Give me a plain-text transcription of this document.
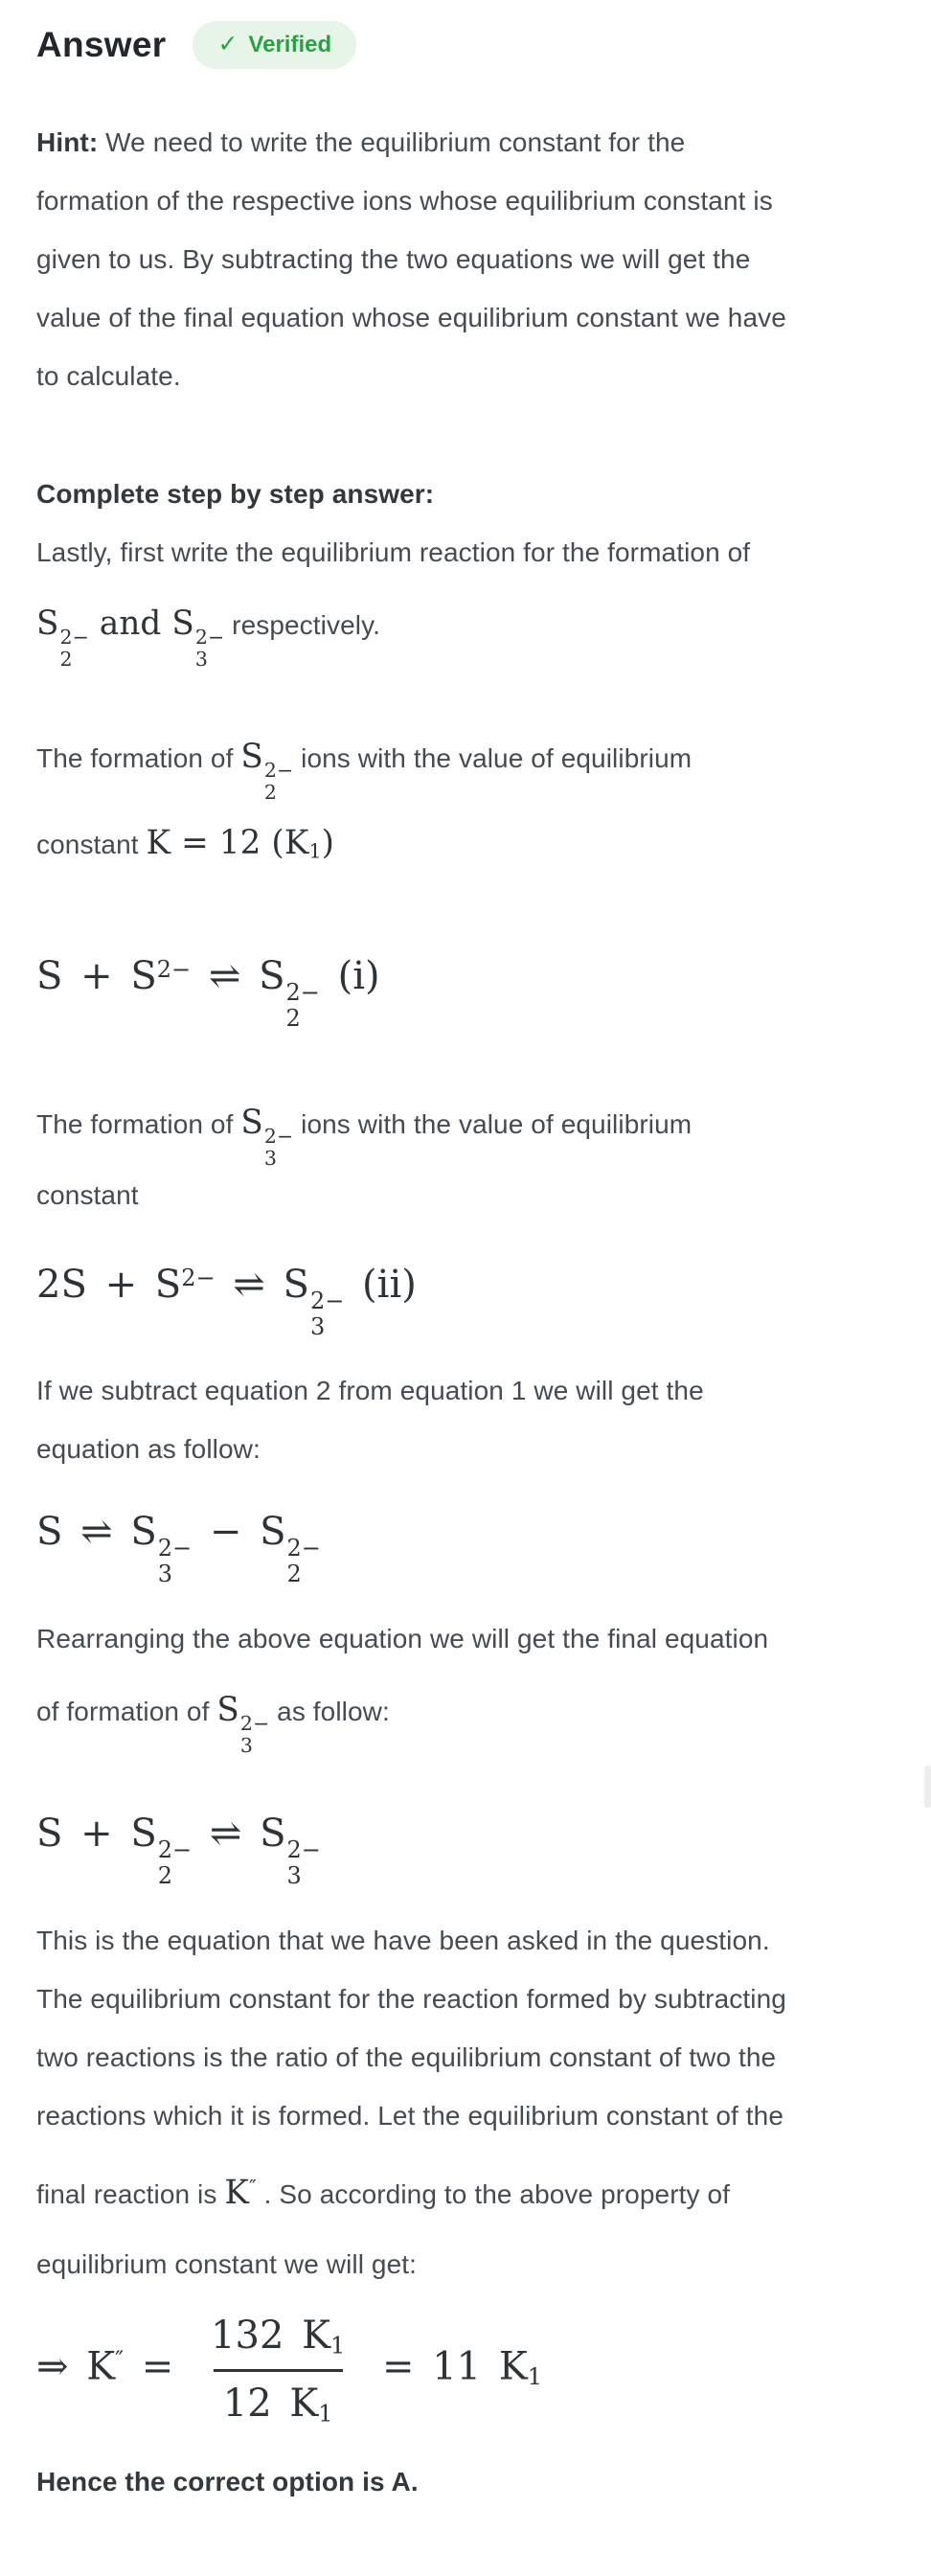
Answer ✓ Verified

Hint: We need to write the equilibrium constant for the formation of the respective ions whose equilibrium constant is given to us. By subtracting the two equations we will get the value of the final equation whose equilibrium constant we have to calculate.

Complete step by step answer:
Lastly, first write the equilibrium reaction for the formation of S 2−
2
and S 2−
3
respectively.

The formation of S 2−
2
ions with the value of equilibrium constant K = 12 (K1)

$S + S^{2-}$ ⇌ S 2−
2
(i)

The formation of S 2−
3
ions with the value of equilibrium constant

$2S + S^{2-}$ ⇌ S 2−
3
(ii)

If we subtract equation 2 from equation 1 we will get the equation as follow:

S ⇌ S 2−
3
− S 2−
2

Rearranging the above equation we will get the final equation of formation of S 2−
3
as follow:

S + S 2−
2
⇌ S 2−
3

This is the equation that we have been asked in the question.

The equilibrium constant for the reaction formed by subtracting two reactions is the ratio of the equilibrium constant of two the reactions which it is formed. Let the equilibrium constant of the final reaction is K″ . So according to the above property of equilibrium constant we will get:

⇒ $K'' = \frac{132 K1}{12 K1} = 11$ K1

Hence the correct option is A.
